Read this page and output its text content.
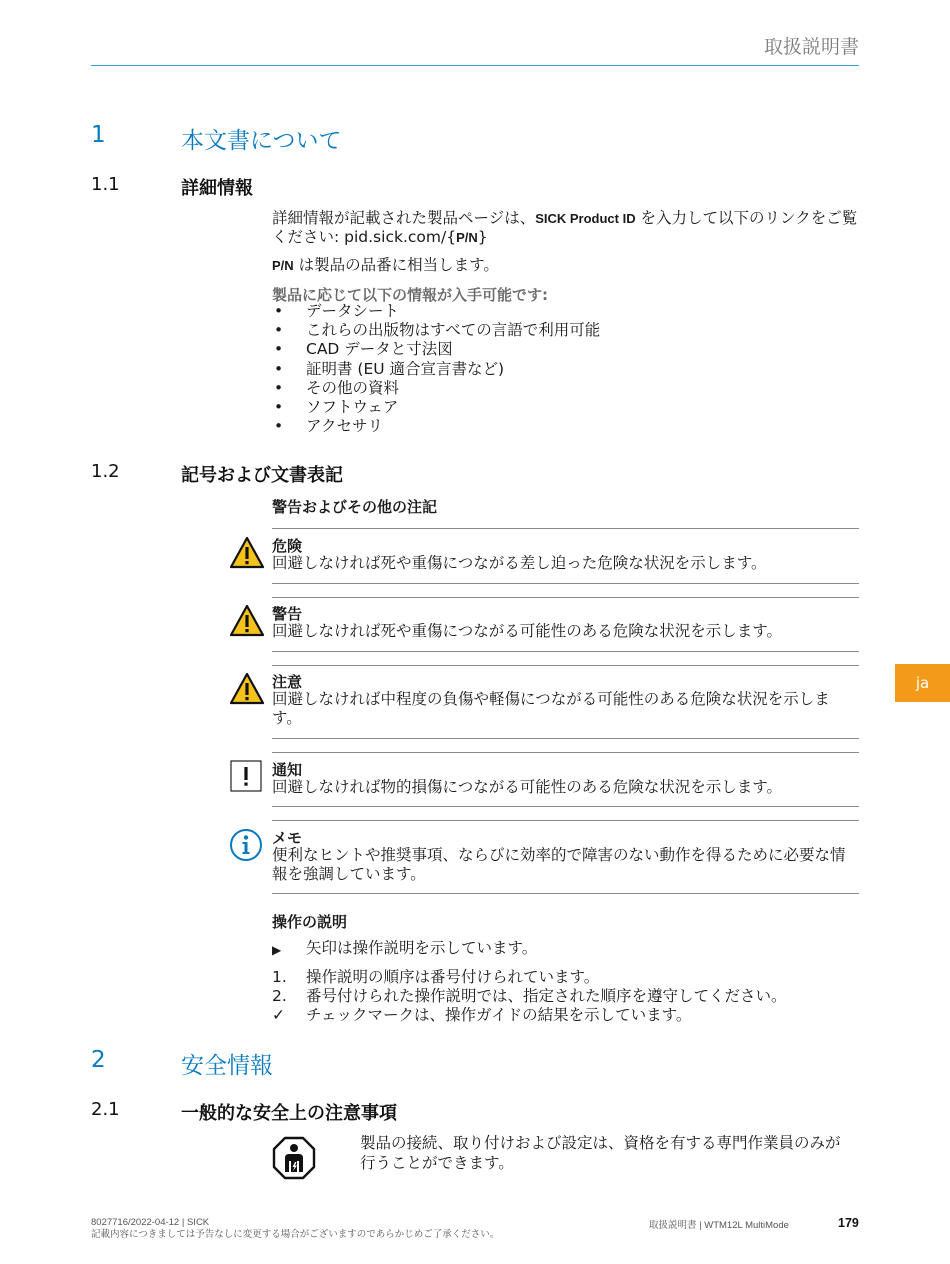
取扱説明書
1	本文書について
1.1	詳細情報
詳細情報が記載された製品ページは、SICK Product ID を入力して以下のリンクをご覧
ください: pid.sick.com/{P/N}
P/N は製品の品番に相当します。
製品に応じて以下の情報が入手可能です:
• データシート
• これらの出版物はすべての言語で利用可能
• CAD データと寸法図
• 証明書 (EU 適合宣言書など)
• その他の資料
• ソフトウェア
• アクセサリ
1.2	記号および文書表記
警告およびその他の注記
危険
回避しなければ死や重傷につながる差し迫った危険な状況を示します。
警告
回避しなければ死や重傷につながる可能性のある危険な状況を示します。
注意
回避しなければ中程度の負傷や軽傷につながる可能性のある危険な状況を示しま
す。
通知
回避しなければ物的損傷につながる可能性のある危険な状況を示します。
メモ
便利なヒントや推奨事項、ならびに効率的で障害のない動作を得るために必要な情
報を強調しています。
操作の説明
▶ 矢印は操作説明を示しています。
1. 操作説明の順序は番号付けられています。
2. 番号付けられた操作説明では、指定された順序を遵守してください。
✓ チェックマークは、操作ガイドの結果を示しています。
2	安全情報
2.1	一般的な安全上の注意事項
製品の接続、取り付けおよび設定は、資格を有する専門作業員のみが
行うことができます。
ja
8027716/2022-04-12 | SICK
記載内容につきましては予告なしに変更する場合がございますのであらかじめご了承ください。
取扱説明書 | WTM12L MultiMode	179
